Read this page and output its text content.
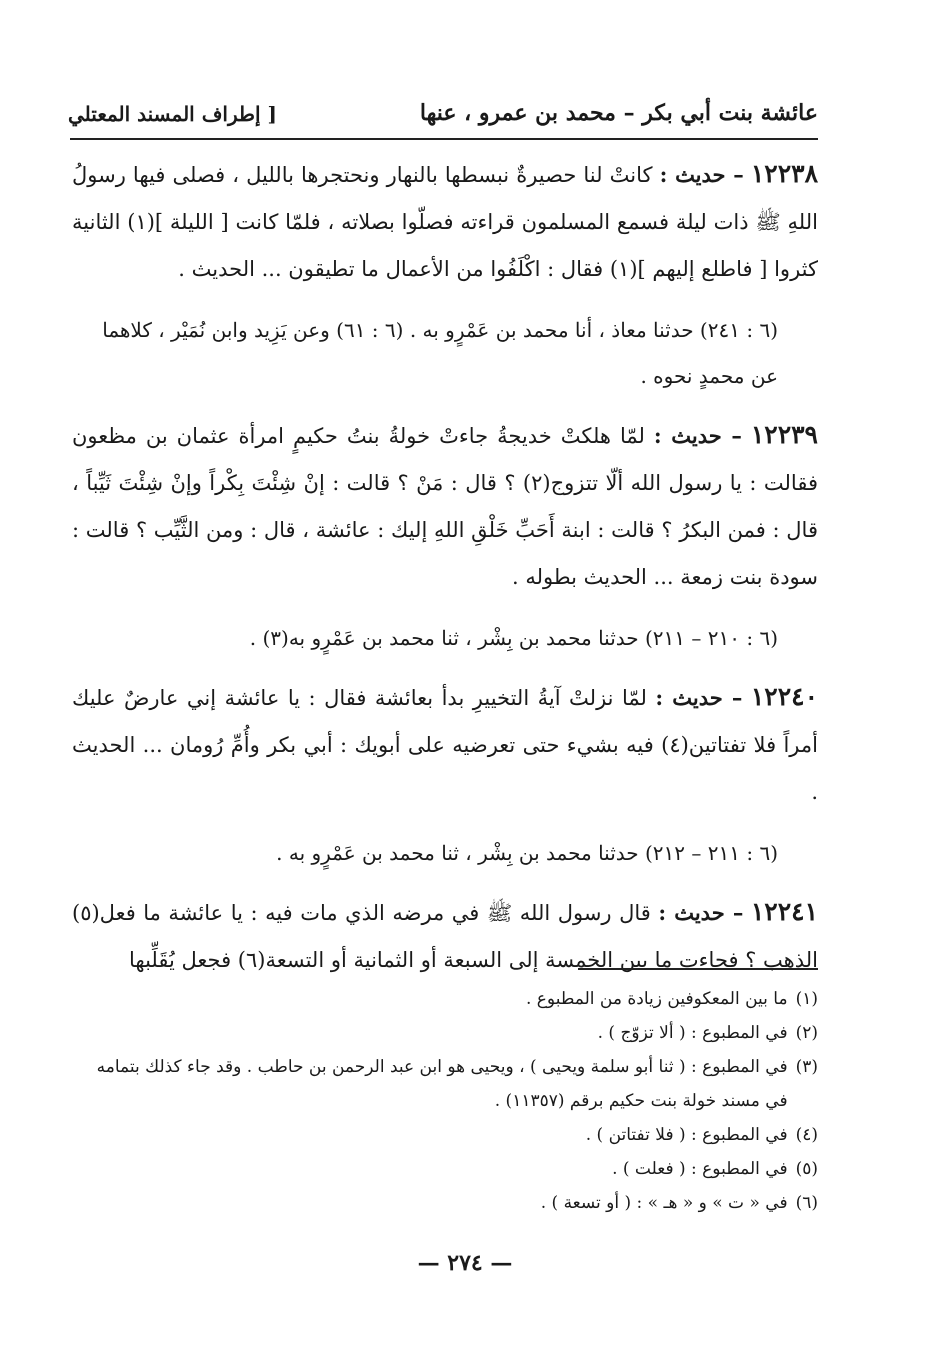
عائشة بنت أبي بكر – محمد بن عمرو ، عنها
[ إطراف المسند المعتلي

١٢٢٣٨ – حديث : كانتْ لنا حصيرةٌ نبسطها بالنهار ونحتجرها بالليل ، فصلى فيها رسولُ اللهِ ﷺ ذات ليلة فسمع المسلمون قراءته فصلّوا بصلاته ، فلمّا كانت [ الليلة ](١) الثانية كثروا [ فاطلع إليهم ](١) فقال : اكْلَفُوا من الأعمال ما تطيقون ... الحديث .

(٦ : ٢٤١) حدثنا معاذ ، أنا محمد بن عَمْرٍو به . (٦ : ٦١) وعن يَزِيد وابن نُمَيْر ، كلاهما عن محمدٍ نحوه .

١٢٢٣٩ – حديث : لمّا هلكتْ خديجةُ جاءتْ خولةُ بنتُ حكيمٍ امرأة عثمان بن مظعون فقالت : يا رسول الله ألّا تتزوج(٢) ؟ قال : مَنْ ؟ قالت : إنْ شِئْتَ بِكْراً وإنْ شِئْتَ ثَيِّباً ، قال : فمن البكرُ ؟ قالت : ابنة أَحَبِّ خَلْقِ اللهِ إليك : عائشة ، قال : ومن الثَّيِّب ؟ قالت : سودة بنت زمعة ... الحديث بطوله .

(٦ : ٢١٠ – ٢١١) حدثنا محمد بن بِشْر ، ثنا محمد بن عَمْرٍو به(٣) .

١٢٢٤٠ – حديث : لمّا نزلتْ آيةُ التخييرِ بدأ بعائشة فقال : يا عائشة إني عارضٌ عليك أمراً فلا تفتاتين(٤) فيه بشيء حتى تعرضيه على أبويك : أبي بكر وأُمِّ رُومان ... الحديث .

(٦ : ٢١١ – ٢١٢) حدثنا محمد بن بِشْر ، ثنا محمد بن عَمْرٍو به .

١٢٢٤١ – حديث : قال رسول الله ﷺ في مرضه الذي مات فيه : يا عائشة ما فعل(٥) الذهب ؟ فجاءت ما بين الخمسة إلى السبعة أو الثمانية أو التسعة(٦) فجعل يُقَلِّبها

(١)
ما بين المعكوفين زيادة من المطبوع .

(٢)
في المطبوع : ( ألا تزوّج ) .

(٣)
في المطبوع : ( ثنا أبو سلمة ويحيى ) ، ويحيى هو ابن عبد الرحمن بن حاطب . وقد جاء كذلك بتمامه في مسند خولة بنت حكيم برقم (١١٣٥٧) .

(٤)
في المطبوع : ( فلا تفتاتن ) .

(٥)
في المطبوع : ( فعلت ) .

(٦)
في « ت » و « هـ » : ( أو تسعة ) .

— ٢٧٤ —
